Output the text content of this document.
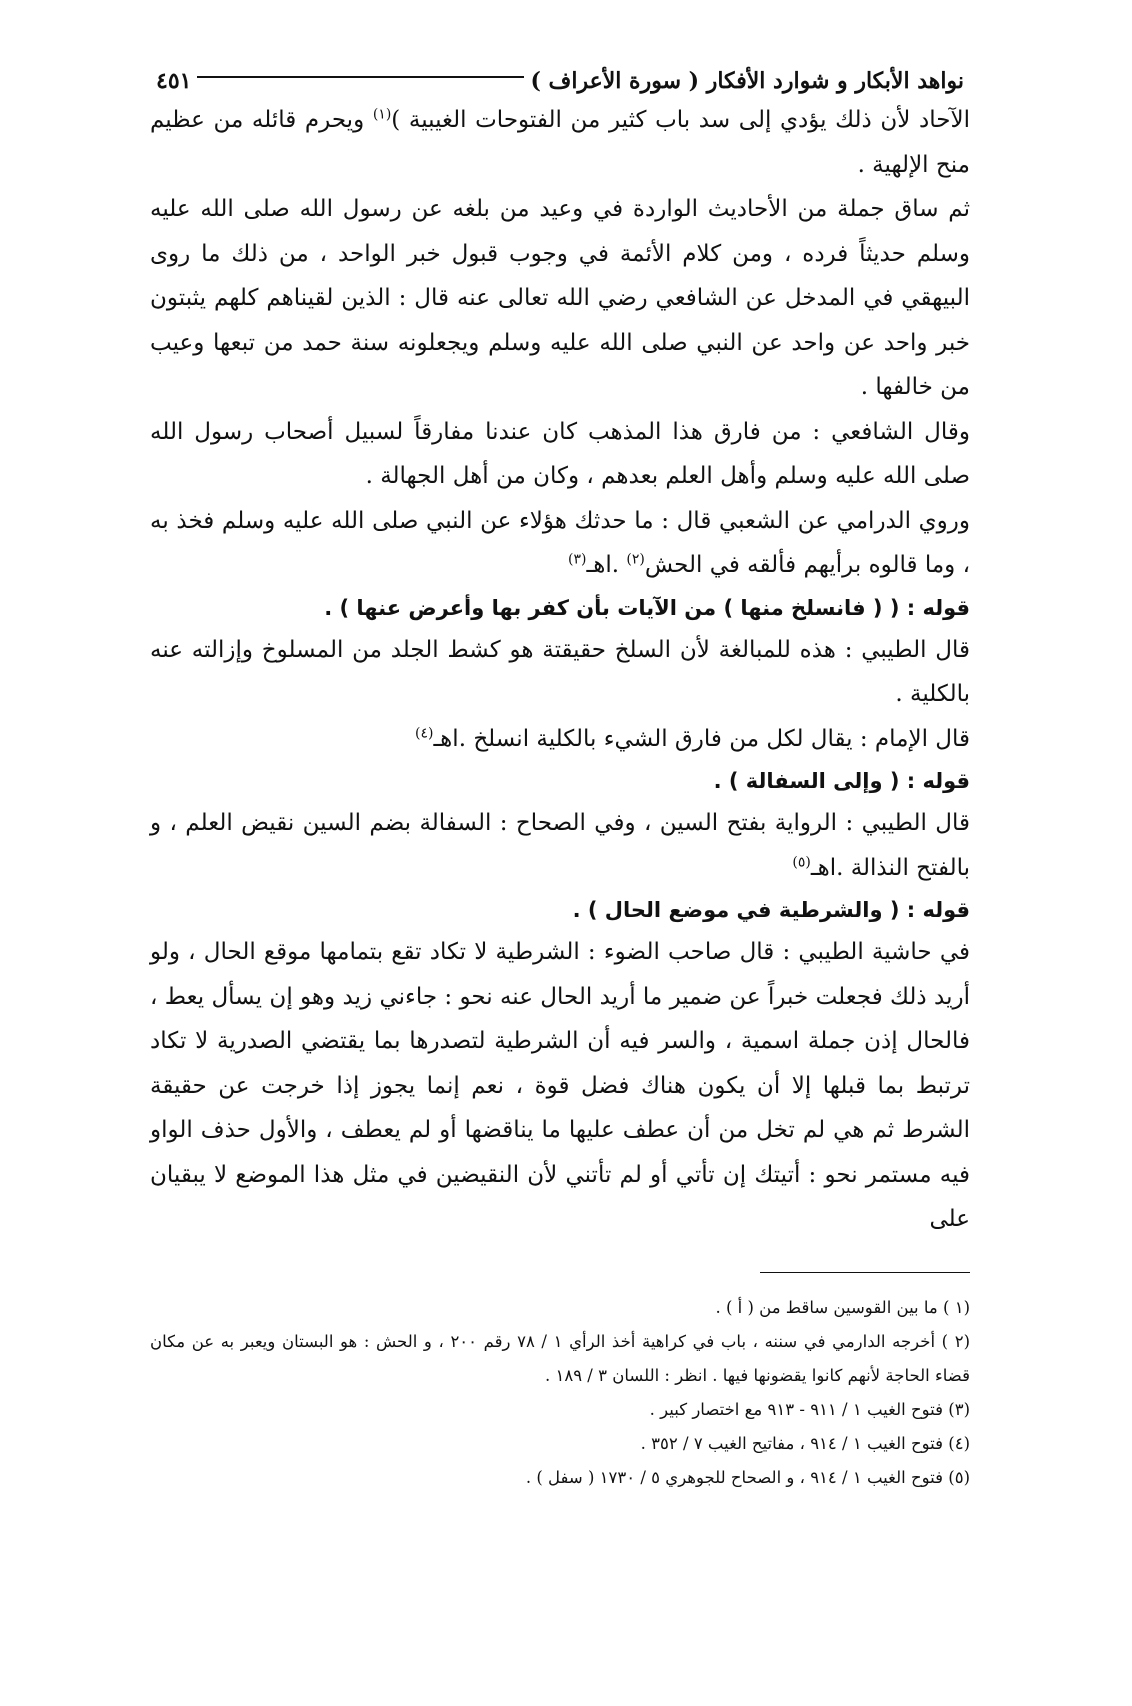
نواهد الأبكار و شوارد الأفكار ( سورة الأعراف )
٤٥١

الآحاد لأن ذلك يؤدي إلى سد باب كثير من الفتوحات الغيبية )$^{(١)}$ ويحرم قائله من عظيم منح الإلهية .

ثم ساق جملة من الأحاديث الواردة في وعيد من بلغه عن رسول الله صلى الله عليه وسلم حديثاً فرده ، ومن كلام الأئمة في وجوب قبول خبر الواحد ، من ذلك ما روى البيهقي في المدخل عن الشافعي رضي الله تعالى عنه قال : الذين لقيناهم كلهم يثبتون خبر واحد عن واحد عن النبي صلى الله عليه وسلم ويجعلونه سنة حمد من تبعها وعيب من خالفها .

وقال الشافعي : من فارق هذا المذهب كان عندنا مفارقاً لسبيل أصحاب رسول الله صلى الله عليه وسلم وأهل العلم بعدهم ، وكان من أهل الجهالة .

وروي الدرامي عن الشعبي قال : ما حدثك هؤلاء عن النبي صلى الله عليه وسلم فخذ به ، وما قالوه برأيهم فألقه في الحش$^{(٢)}$ .اهـ$^{(٣)}$

قوله : ( ( فانسلخ منها ) من الآيات بأن كفر بها وأعرض عنها ) .

قال الطيبي : هذه للمبالغة لأن السلخ حقيقتة هو كشط الجلد من المسلوخ وإزالته عنه بالكلية .

قال الإمام : يقال لكل من فارق الشيء بالكلية انسلخ .اهـ$^{(٤)}$

قوله : ( وإلى السفالة ) .

قال الطيبي : الرواية بفتح السين ، وفي الصحاح : السفالة بضم السين نقيض العلم ، و بالفتح النذالة .اهـ$^{(٥)}$

قوله : ( والشرطية في موضع الحال ) .

في حاشية الطيبي : قال صاحب الضوء : الشرطية لا تكاد تقع بتمامها موقع الحال ، ولو أريد ذلك فجعلت خبراً عن ضمير ما أريد الحال عنه نحو : جاءني زيد وهو إن يسأل يعط ، فالحال إذن جملة اسمية ، والسر فيه أن الشرطية لتصدرها بما يقتضي الصدرية لا تكاد ترتبط بما قبلها إلا أن يكون هناك فضل قوة ، نعم إنما يجوز إذا خرجت عن حقيقة الشرط ثم هي لم تخل من أن عطف عليها ما يناقضها أو لم يعطف ، والأول حذف الواو فيه مستمر نحو : أتيتك إن تأتي أو لم تأتني لأن النقيضين في مثل هذا الموضع لا يبقيان على

(١ ) ما بين القوسين ساقط من ( أ ) .

(٢ ) أخرجه الدارمي في سننه ، باب في كراهية أخذ الرأي ١ / ٧٨ رقم ٢٠٠ ، و الحش : هو البستان ويعبر به عن مكان قضاء الحاجة لأنهم كانوا يقضونها فيها . انظر : اللسان ٣ / ١٨٩ .

(٣) فتوح الغيب ١ / ٩١١ - ٩١٣ مع اختصار كبير .

(٤) فتوح الغيب ١ / ٩١٤ ، مفاتيح الغيب ٧ / ٣٥٢ .

(٥) فتوح الغيب ١ / ٩١٤ ، و الصحاح للجوهري ٥ / ١٧٣٠ ( سفل ) .
